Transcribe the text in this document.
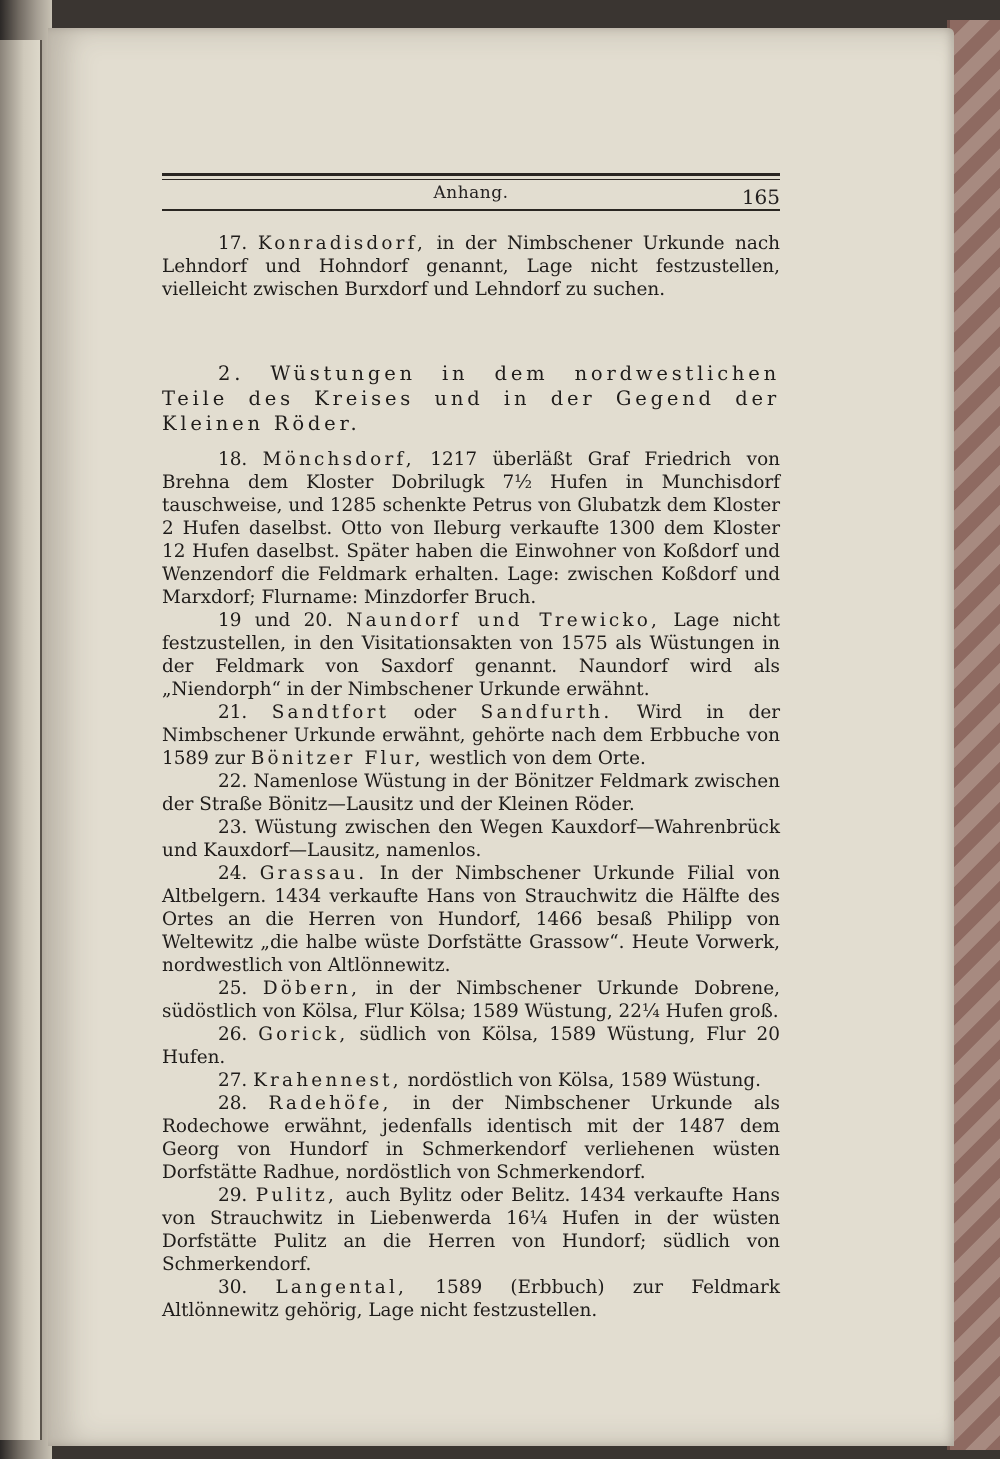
Anhang.	165

17. Konradisdorf, in der Nimbschener Urkunde nach Lehndorf und Hohndorf genannt, Lage nicht festzustellen, vielleicht zwischen Burxdorf und Lehndorf zu suchen.

2. Wüstungen in dem nordwestlichen Teile des Kreises und in der Gegend der Kleinen Röder.

18. Mönchsdorf, 1217 überläßt Graf Friedrich von Brehna dem Kloster Dobrilugk 7½ Hufen in Munchisdorf tauschweise, und 1285 schenkte Petrus von Glubatzk dem Kloster 2 Hufen daselbst. Otto von Ileburg verkaufte 1300 dem Kloster 12 Hufen daselbst. Später haben die Einwohner von Koßdorf und Wenzendorf die Feldmark erhalten. Lage: zwischen Koßdorf und Marxdorf; Flurname: Minzdorfer Bruch.

19 und 20. Naundorf und Trewicko, Lage nicht festzustellen, in den Visitationsakten von 1575 als Wüstungen in der Feldmark von Saxdorf genannt. Naundorf wird als „Niendorph“ in der Nimbschener Urkunde erwähnt.

21. Sandtfort oder Sandfurth. Wird in der Nimbschener Urkunde erwähnt, gehörte nach dem Erbbuche von 1589 zur Bönitzer Flur, westlich von dem Orte.

22. Namenlose Wüstung in der Bönitzer Feldmark zwischen der Straße Bönitz—Lausitz und der Kleinen Röder.

23. Wüstung zwischen den Wegen Kauxdorf—Wahrenbrück und Kauxdorf—Lausitz, namenlos.

24. Grassau. In der Nimbschener Urkunde Filial von Altbelgern. 1434 verkaufte Hans von Strauchwitz die Hälfte des Ortes an die Herren von Hundorf, 1466 besaß Philipp von Weltewitz „die halbe wüste Dorfstätte Grassow“. Heute Vorwerk, nordwestlich von Altlönnewitz.

25. Döbern, in der Nimbschener Urkunde Dobrene, südöstlich von Kölsa, Flur Kölsa; 1589 Wüstung, 22¼ Hufen groß.

26. Gorick, südlich von Kölsa, 1589 Wüstung, Flur 20 Hufen.

27. Krahennest, nordöstlich von Kölsa, 1589 Wüstung.

28. Radehöfe, in der Nimbschener Urkunde als Rodechowe erwähnt, jedenfalls identisch mit der 1487 dem Georg von Hundorf in Schmerkendorf verliehenen wüsten Dorfstätte Radhue, nordöstlich von Schmerkendorf.

29. Pulitz, auch Bylitz oder Belitz. 1434 verkaufte Hans von Strauchwitz in Liebenwerda 16¼ Hufen in der wüsten Dorfstätte Pulitz an die Herren von Hundorf; südlich von Schmerkendorf.

30. Langental, 1589 (Erbbuch) zur Feldmark Altlönnewitz gehörig, Lage nicht festzustellen.
